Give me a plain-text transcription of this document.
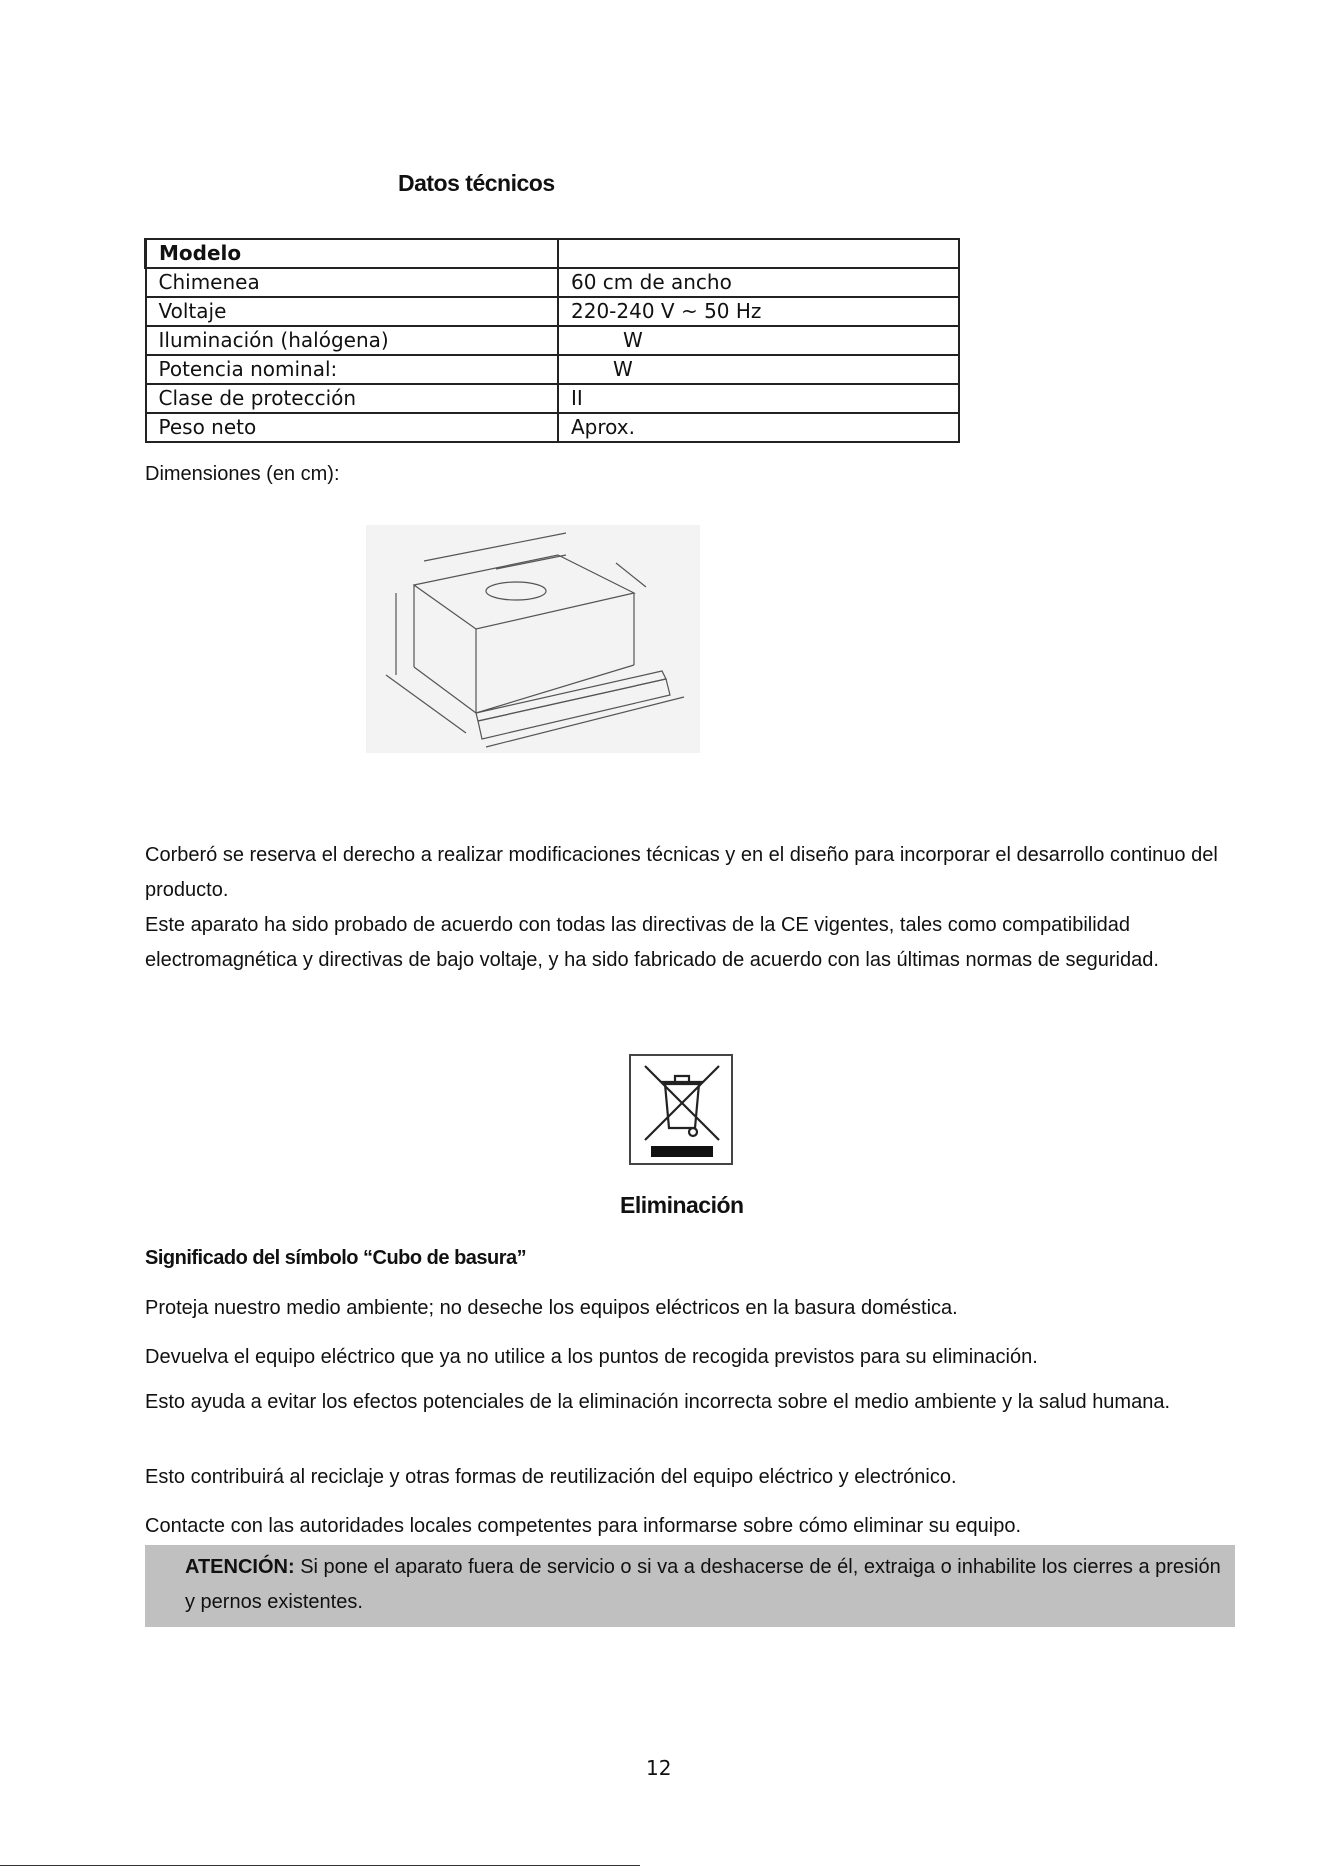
Datos técnicos
Modelo	
Chimenea	60 cm de ancho
Voltaje	220-240 V ~ 50 Hz
Iluminación (halógena)	W
Potencia nominal:	W
Clase de protección	II
Peso neto	Aprox.
Dimensiones (en cm):
Corberó se reserva el derecho a realizar modificaciones técnicas y en el diseño para incorporar el desarrollo continuo del producto.
Este aparato ha sido probado de acuerdo con todas las directivas de la CE vigentes, tales como compatibilidad electromagnética y directivas de bajo voltaje, y ha sido fabricado de acuerdo con las últimas normas de seguridad.
Eliminación
Significado del símbolo “Cubo de basura”
Proteja nuestro medio ambiente; no deseche los equipos eléctricos en la basura doméstica.
Devuelva el equipo eléctrico que ya no utilice a los puntos de recogida previstos para su eliminación.
Esto ayuda a evitar los efectos potenciales de la eliminación incorrecta sobre el medio ambiente y la salud humana.
Esto contribuirá al reciclaje y otras formas de reutilización del equipo eléctrico y electrónico.
Contacte con las autoridades locales competentes para informarse sobre cómo eliminar su equipo.
ATENCIÓN: Si pone el aparato fuera de servicio o si va a deshacerse de él, extraiga o inhabilite los cierres a presión y pernos existentes.
12
